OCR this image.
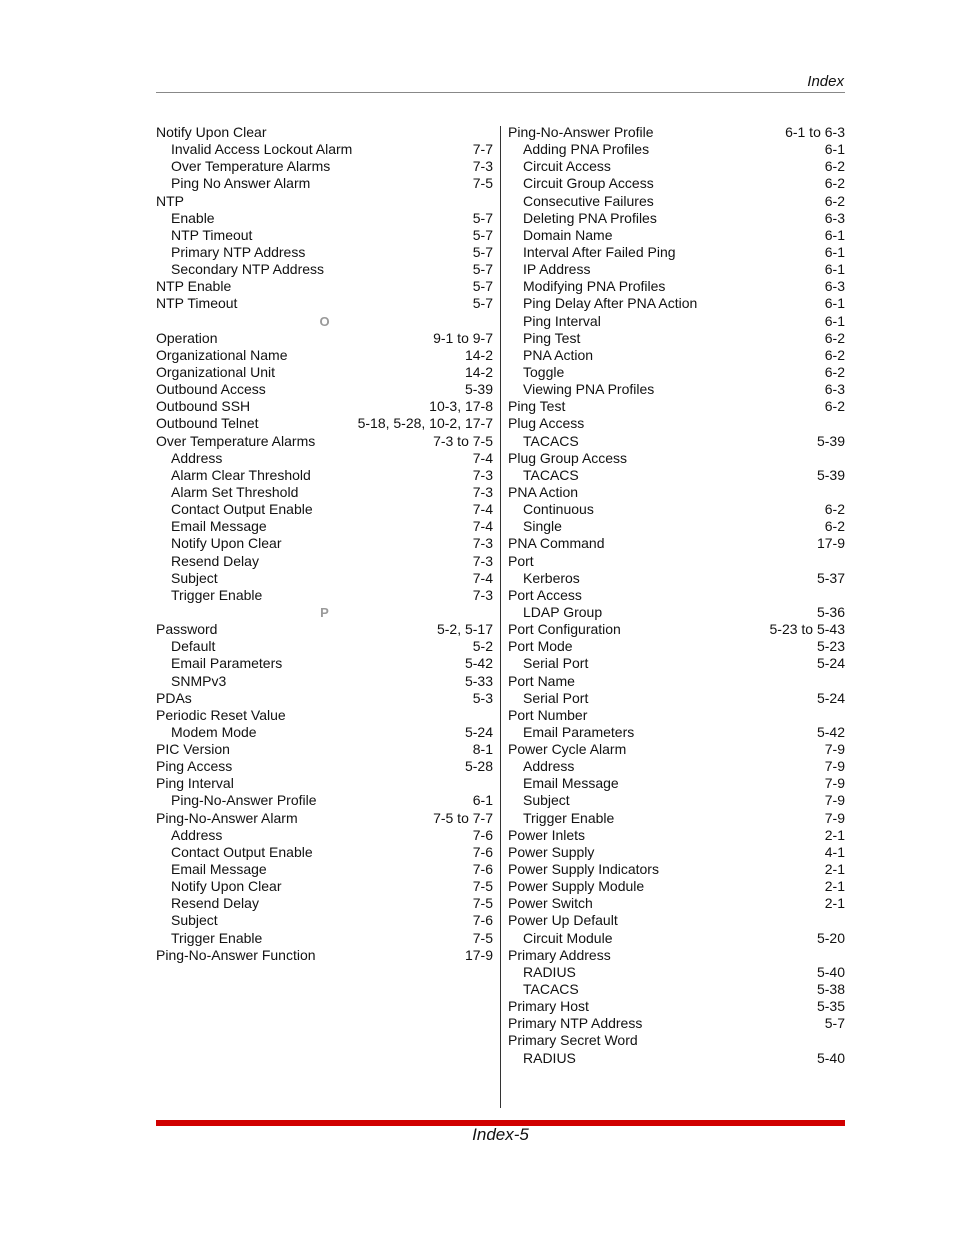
Index
Notify Upon Clear
Invalid Access Lockout Alarm	7-7
Over Temperature Alarms	7-3
Ping No Answer Alarm	7-5
NTP
Enable	5-7
NTP Timeout	5-7
Primary NTP Address	5-7
Secondary NTP Address	5-7
NTP Enable	5-7
NTP Timeout	5-7
O
Operation	9-1 to 9-7
Organizational Name	14-2
Organizational Unit	14-2
Outbound Access	5-39
Outbound SSH	10-3, 17-8
Outbound Telnet	5-18, 5-28, 10-2, 17-7
Over Temperature Alarms	7-3 to 7-5
Address	7-4
Alarm Clear Threshold	7-3
Alarm Set Threshold	7-3
Contact Output Enable	7-4
Email Message	7-4
Notify Upon Clear	7-3
Resend Delay	7-3
Subject	7-4
Trigger Enable	7-3
P
Password	5-2, 5-17
Default	5-2
Email Parameters	5-42
SNMPv3	5-33
PDAs	5-3
Periodic Reset Value
Modem Mode	5-24
PIC Version	8-1
Ping Access	5-28
Ping Interval
Ping-No-Answer Profile	6-1
Ping-No-Answer Alarm	7-5 to 7-7
Address	7-6
Contact Output Enable	7-6
Email Message	7-6
Notify Upon Clear	7-5
Resend Delay	7-5
Subject	7-6
Trigger Enable	7-5
Ping-No-Answer Function	17-9
Ping-No-Answer Profile	6-1 to 6-3
Adding PNA Profiles	6-1
Circuit Access	6-2
Circuit Group Access	6-2
Consecutive Failures	6-2
Deleting PNA Profiles	6-3
Domain Name	6-1
Interval After Failed Ping	6-1
IP Address	6-1
Modifying PNA Profiles	6-3
Ping Delay After PNA Action	6-1
Ping Interval	6-1
Ping Test	6-2
PNA Action	6-2
Toggle	6-2
Viewing PNA Profiles	6-3
Ping Test	6-2
Plug Access
TACACS	5-39
Plug Group Access
TACACS	5-39
PNA Action
Continuous	6-2
Single	6-2
PNA Command	17-9
Port
Kerberos	5-37
Port Access
LDAP Group	5-36
Port Configuration	5-23 to 5-43
Port Mode	5-23
Serial Port	5-24
Port Name
Serial Port	5-24
Port Number
Email Parameters	5-42
Power Cycle Alarm	7-9
Address	7-9
Email Message	7-9
Subject	7-9
Trigger Enable	7-9
Power Inlets	2-1
Power Supply	4-1
Power Supply Indicators	2-1
Power Supply Module	2-1
Power Switch	2-1
Power Up Default
Circuit Module	5-20
Primary Address
RADIUS	5-40
TACACS	5-38
Primary Host	5-35
Primary NTP Address	5-7
Primary Secret Word
RADIUS	5-40
Index-5
